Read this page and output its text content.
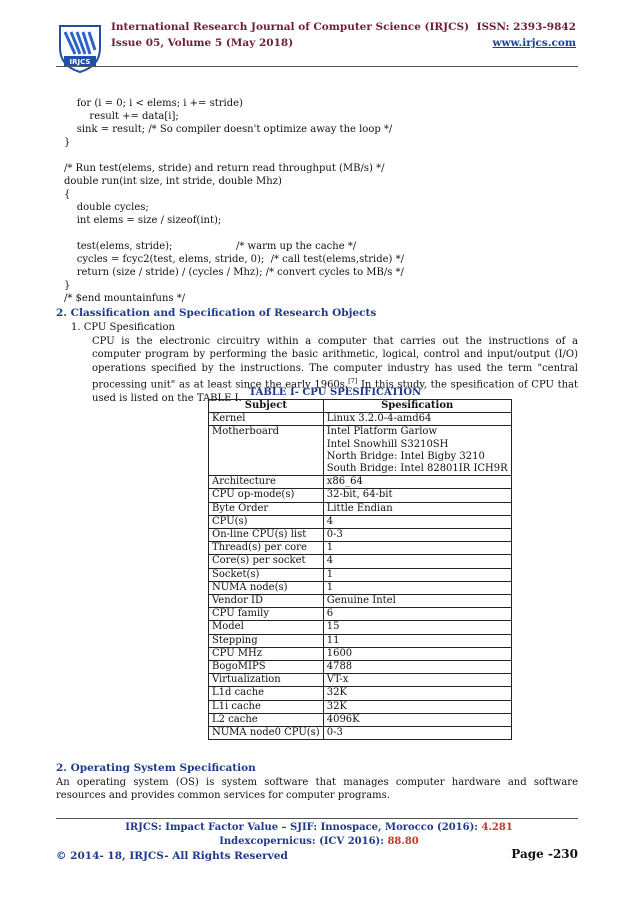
IRJCS
International Research Journal of Computer Science (IRJCS)
Issue 05, Volume 5 (May 2018)
ISSN: 2393-9842
www.irjcs.com
for (i = 0; i < elems; i += stride)
result += data[i];
sink = result; /* So compiler doesn't optimize away the loop */
}
/* Run test(elems, stride) and return read throughput (MB/s) */
double run(int size, int stride, double Mhz)
{
double cycles;
int elems = size / sizeof(int);
test(elems, stride);                    /* warm up the cache */
cycles = fcyc2(test, elems, stride, 0);  /* call test(elems,stride) */
return (size / stride) / (cycles / Mhz); /* convert cycles to MB/s */
}
/* $end mountainfuns */
2. Classification and Specification of Research Objects
1. CPU Spesification
CPU is the electronic circuitry within a computer that carries out the instructions of a computer program by performing the basic arithmetic, logical, control and input/output (I/O) operations specified by the instructions. The computer industry has used the term "central processing unit" as at least since the early 1960s.[7] In this study, the spesification of CPU that used is listed on the TABLE I.
TABLE I- CPU SPESIFICATION
Subject	Spesification
Kernel	Linux 3.2.0-4-amd64
Motherboard	Intel Platform Garlow
Intel Snowhill S3210SH
North Bridge: Intel Bigby 3210
South Bridge: Intel 82801IR ICH9R

Architecture	x86_64
CPU op-mode(s)	32-bit, 64-bit
Byte Order	Little Endian
CPU(s)	4
On-line CPU(s) list	0-3
Thread(s) per core	1
Core(s) per socket	4
Socket(s)	1
NUMA node(s)	1
Vendor ID	Genuine Intel
CPU family	6
Model	15
Stepping	11
CPU MHz	1600
BogoMIPS	4788
Virtualization	VT-x
L1d cache	32K
L1i cache	32K
L2 cache	4096K
NUMA node0 CPU(s)	0-3
2. Operating System Specification
An operating system (OS) is system software that manages computer hardware and software resources and provides common services for computer programs.
IRJCS: Impact Factor Value – SJIF: Innospace, Morocco (2016): 4.281
Indexcopernicus: (ICV 2016): 88.80
© 2014- 18, IRJCS- All Rights Reserved	Page -230
